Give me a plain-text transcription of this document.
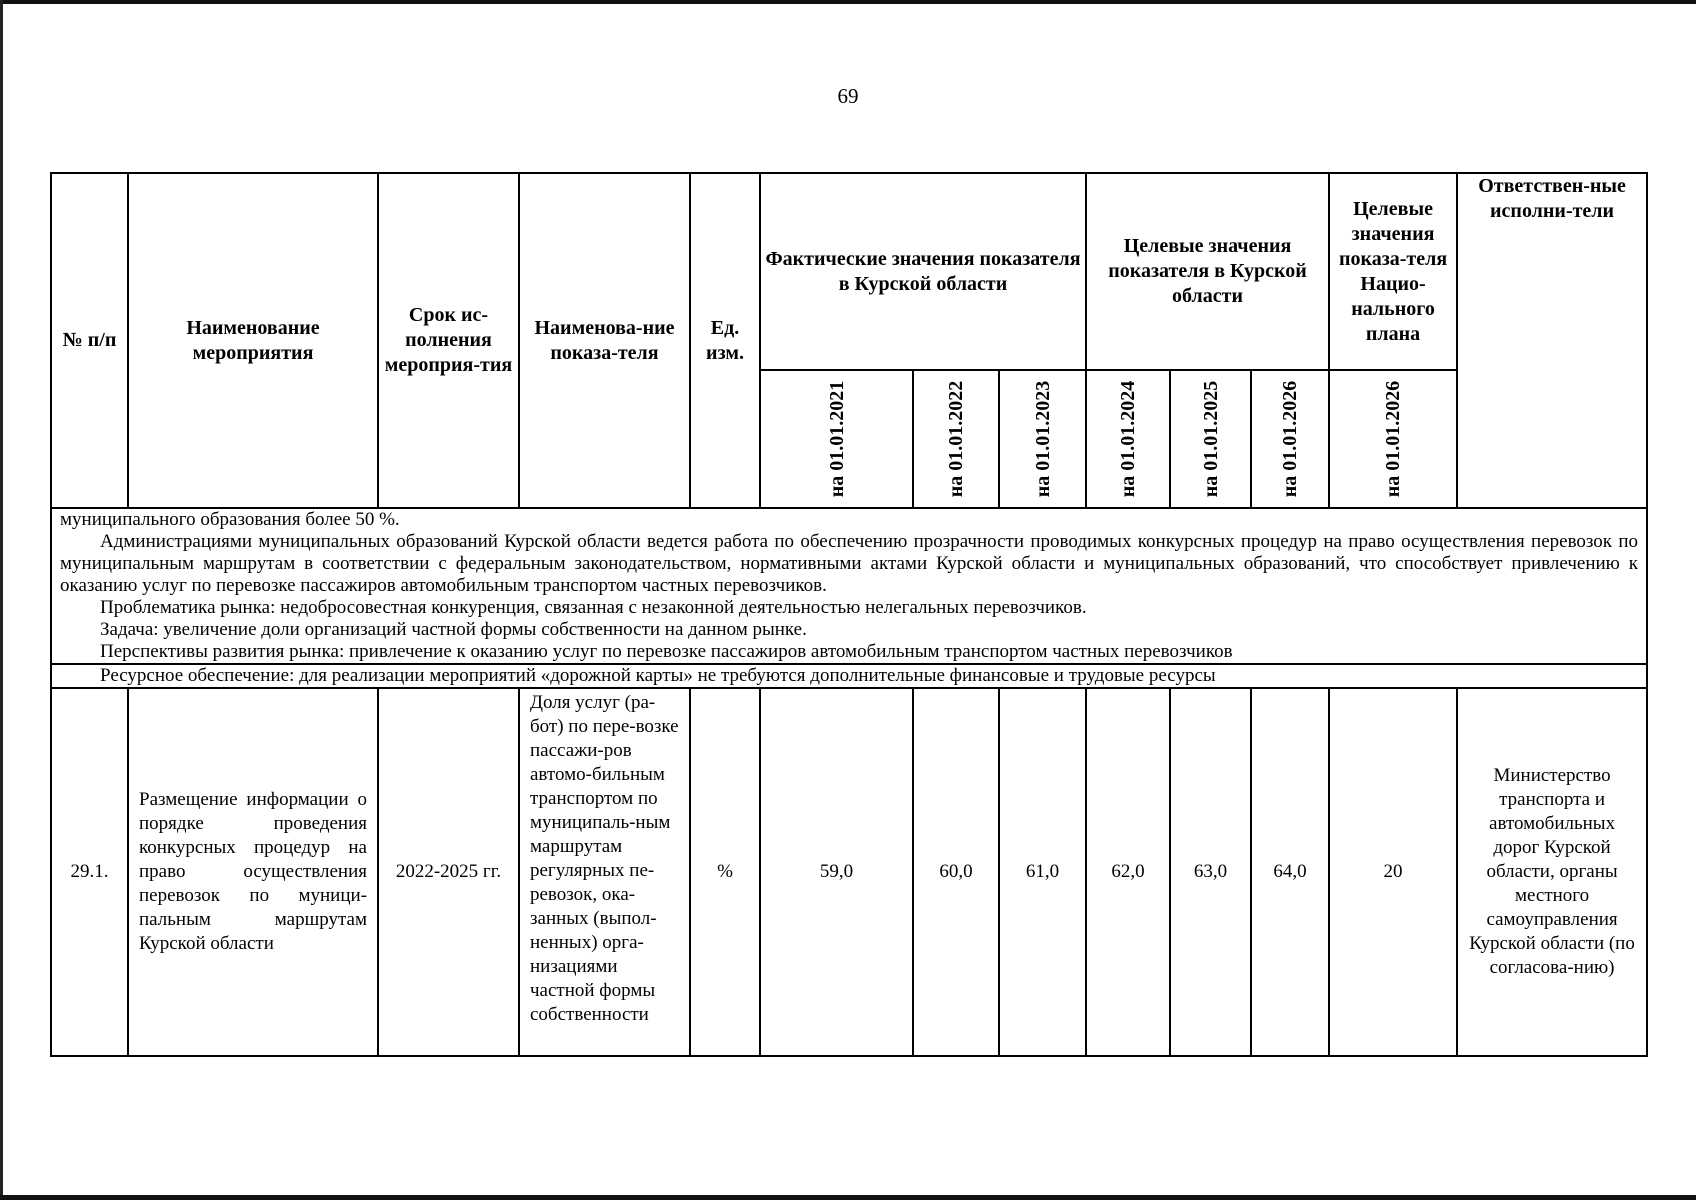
69
№ п/п	Наименование мероприятия	Срок ис-полнения мероприя-тия	Наименова-ние показа-теля	Ед. изм.	Фактические значения показателя в Курской области			Целевые значения показателя в Курской области			Целевые значения показа-теля Нацио-нального плана	Ответствен-ные исполни-тели

					на 01.01.2021	на 01.01.2022	на 01.01.2023	на 01.01.2024	на 01.01.2025	на 01.01.2026	на 01.01.2026	

муниципального образования более 50 %.

Администрациями муниципальных образований Курской области ведется работа по обеспечению прозрачности проводимых конкурсных процедур на право осуществления перевозок по муниципальным маршрутам в соответствии с федеральным законодательством, нормативными актами Курской области и муниципальных образований, что способствует привлечению к оказанию услуг по перевозке пассажиров автомобильным транспортом частных перевозчиков.

Проблематика рынка: недобросовестная конкуренция, связанная с незаконной деятельностью нелегальных перевозчиков.

Задача: увеличение доли организаций частной формы собственности на данном рынке.

Перспективы развития рынка: привлечение к оказанию услуг по перевозке пассажиров автомобильным транспортом частных перевозчиков												

Ресурсное обеспечение: для реализации мероприятий «дорожной карты» не требуются дополнительные финансовые и трудовые ресурсы												
29.1.	Размещение информации о порядке проведения конкурсных процедур на право осуществления перевозок по муници-пальным маршрутам Курской области	2022-2025 гг.	Доля услуг (ра-бот) по пере-возке пассажи-ров автомо-бильным транспортом по муниципаль-ным маршрутам регулярных пе-ревозок, ока-занных (выпол-ненных) орга-низациями частной формы собственности	%	59,0	60,0	61,0	62,0	63,0	64,0	20	Министерство транспорта и автомобильных дорог Курской области, органы местного самоуправления Курской области (по согласова-нию)
